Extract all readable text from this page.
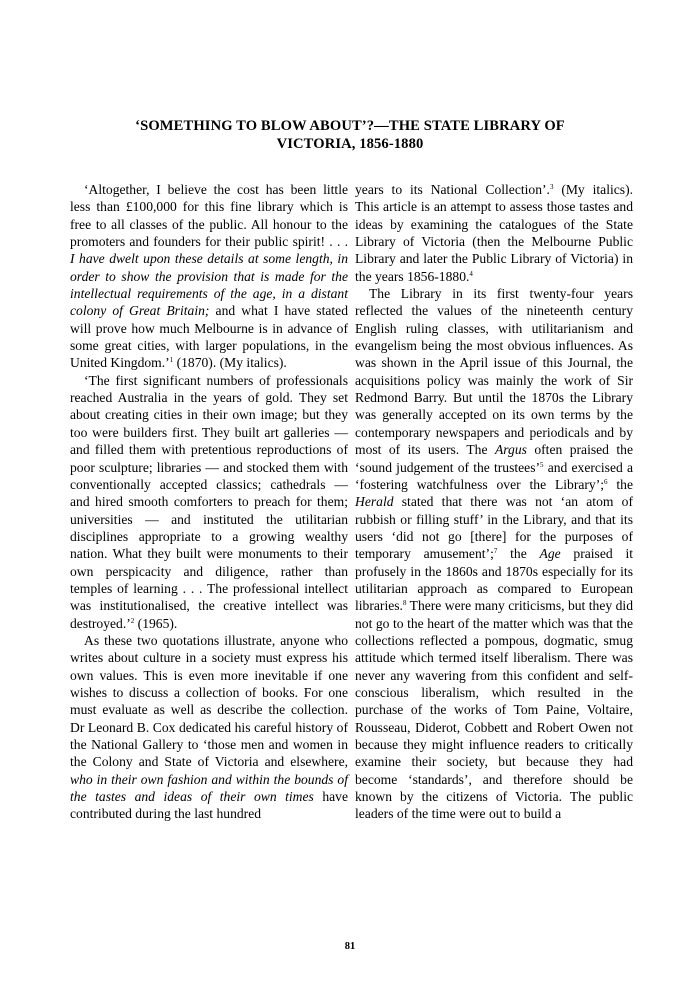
‘SOMETHING TO BLOW ABOUT’?—THE STATE LIBRARY OF
VICTORIA, 1856-1880

‘Altogether, I believe the cost has been little less than £100,000 for this fine library which is free to all classes of the public. All honour to the promoters and founders for their public spirit! . . . I have dwelt upon these details at some length, in order to show the provision that is made for the intellectual requirements of the age, in a distant colony of Great Britain; and what I have stated will prove how much Melbourne is in advance of some great cities, with larger populations, in the United Kingdom.’$^1$ (1870). (My italics).

‘The first significant numbers of professionals reached Australia in the years of gold. They set about creating cities in their own image; but they too were builders first. They built art galleries — and filled them with pretentious reproductions of poor sculpture; libraries — and stocked them with conventionally accepted classics; cathedrals — and hired smooth comforters to preach for them; universities — and instituted the utilitarian disciplines appropriate to a growing wealthy nation. What they built were monuments to their own perspicacity and diligence, rather than temples of learning . . . The professional intellect was institutionalised, the creative intellect was destroyed.’$^2$ (1965).

As these two quotations illustrate, anyone who writes about culture in a society must express his own values. This is even more inevitable if one wishes to discuss a collection of books. For one must evaluate as well as describe the collection. Dr Leonard B. Cox dedicated his careful history of the National Gallery to ‘those men and women in the Colony and State of Victoria and elsewhere, who in their own fashion and within the bounds of the tastes and ideas of their own times have contributed during the last hundred

years to its National Collection’.$^3$ (My italics). This article is an attempt to assess those tastes and ideas by examining the catalogues of the State Library of Victoria (then the Melbourne Public Library and later the Public Library of Victoria) in the years 1856-1880.$^4$

The Library in its first twenty-four years reflected the values of the nineteenth century English ruling classes, with utilitarianism and evangelism being the most obvious influences. As was shown in the April issue of this Journal, the acquisitions policy was mainly the work of Sir Redmond Barry. But until the 1870s the Library was generally accepted on its own terms by the contemporary newspapers and periodicals and by most of its users. The Argus often praised the ‘sound judgement of the trustees’$^5$ and exercised a ‘fostering watchfulness over the Library’;$^6$ the Herald stated that there was not ‘an atom of rubbish or filling stuff’ in the Library, and that its users ‘did not go [there] for the purposes of temporary amusement’;$^7$ the Age praised it profusely in the 1860s and 1870s especially for its utilitarian approach as compared to European libraries.$^8$ There were many criticisms, but they did not go to the heart of the matter which was that the collections reflected a pompous, dogmatic, smug attitude which termed itself liberalism. There was never any wavering from this confident and self-conscious liberalism, which resulted in the purchase of the works of Tom Paine, Voltaire, Rousseau, Diderot, Cobbett and Robert Owen not because they might influence readers to critically examine their society, but because they had become ‘standards’, and therefore should be known by the citizens of Victoria. The public leaders of the time were out to build a

81
